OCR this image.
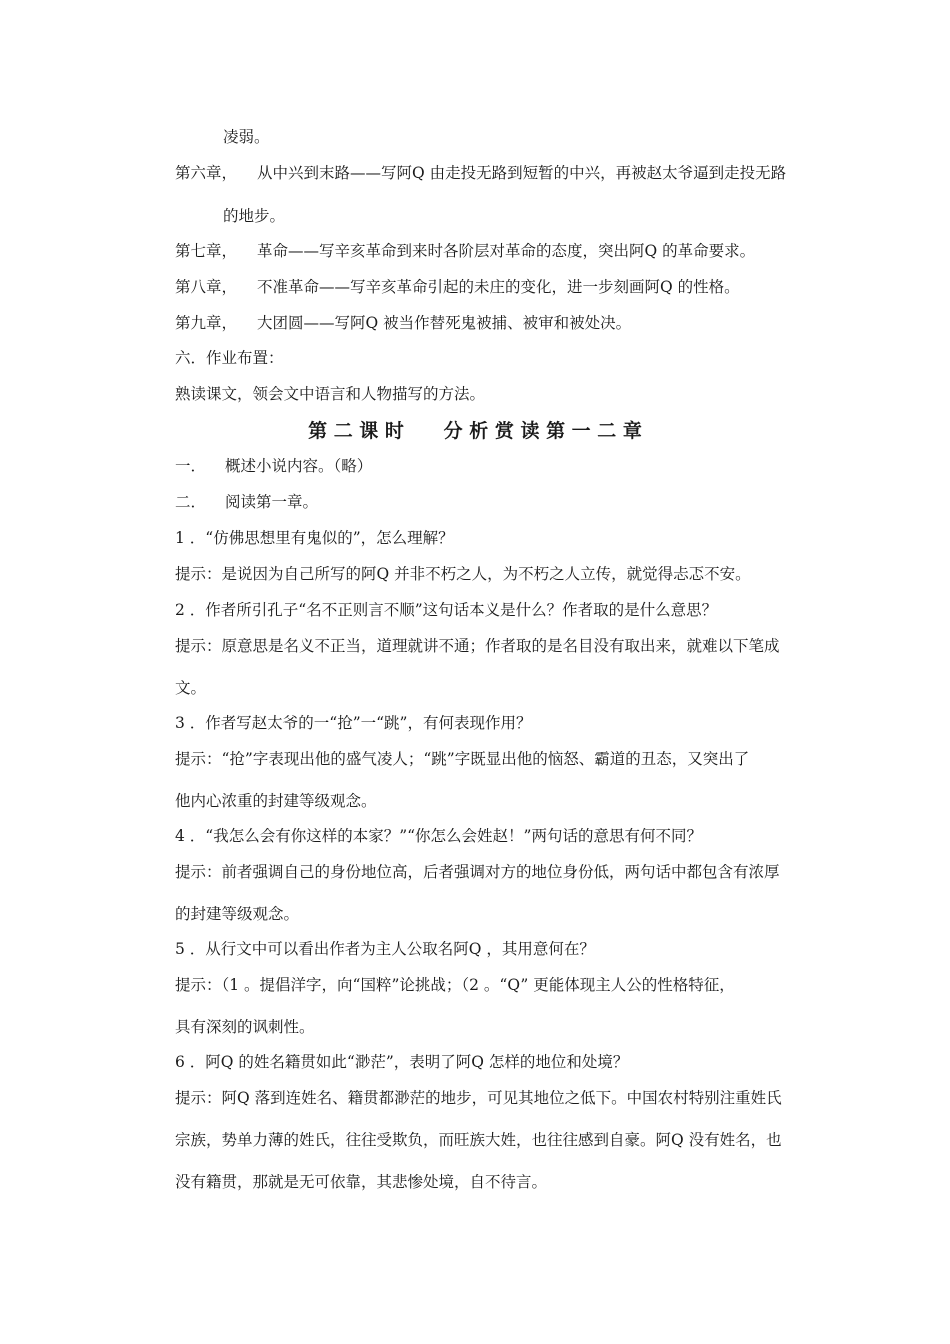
凌弱。
第六章， 从中兴到末路——写阿Q 由走投无路到短暂的中兴，再被赵太爷逼到走投无路
的地步。
第七章， 革命——写辛亥革命到来时各阶层对革命的态度，突出阿Q 的革命要求。
第八章， 不准革命——写辛亥革命引起的未庄的变化，进一步刻画阿Q 的性格。
第九章， 大团圆——写阿Q 被当作替死鬼被捕、被审和被处决。
六．作业布置：
熟读课文，领会文中语言和人物描写的方法。
第 二 课 时      分 析 赏 读 第 一 二 章
一． 概述小说内容。（略）
二． 阅读第一章。
1 ．“仿佛思想里有鬼似的”，怎么理解？
提示：是说因为自己所写的阿Q 并非不朽之人，为不朽之人立传，就觉得忐忑不安。
2 ．作者所引孔子“名不正则言不顺”这句话本义是什么？作者取的是什么意思？
提示：原意思是名义不正当，道理就讲不通；作者取的是名目没有取出来，就难以下笔成
文。
3 ．作者写赵太爷的一“抢”一“跳”，有何表现作用？
提示：“抢”字表现出他的盛气凌人；“跳”字既显出他的恼怒、霸道的丑态，又突出了
他内心浓重的封建等级观念。
4 ．“我怎么会有你这样的本家？”“你怎么会姓赵！”两句话的意思有何不同？
提示：前者强调自己的身份地位高，后者强调对方的地位身份低，两句话中都包含有浓厚
的封建等级观念。
5 ．从行文中可以看出作者为主人公取名阿Q ，其用意何在？
提示：（1 。提倡洋字，向“国粹”论挑战；（2 。“Q” 更能体现主人公的性格特征，
具有深刻的讽刺性。
6 ．阿Q 的姓名籍贯如此“渺茫”，表明了阿Q 怎样的地位和处境？
提示：阿Q 落到连姓名、籍贯都渺茫的地步，可见其地位之低下。中国农村特别注重姓氏
宗族，势单力薄的姓氏，往往受欺负，而旺族大姓，也往往感到自豪。阿Q 没有姓名，也
没有籍贯，那就是无可依靠，其悲惨处境，自不待言。
